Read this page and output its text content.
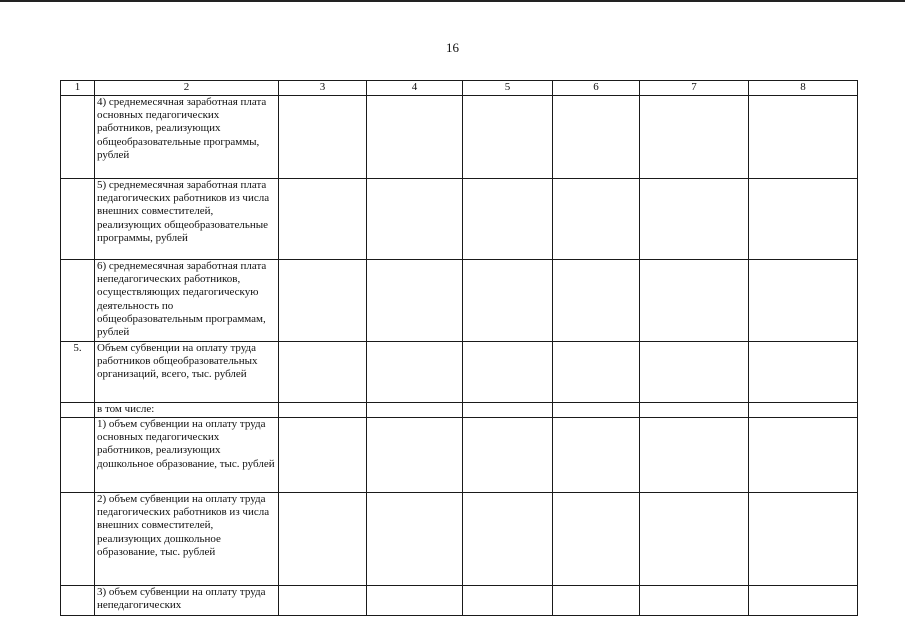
16
1	2	3	4	5	6	7	8
	4) среднемесячная заработная плата основных педагогических работников, реализующих общеобразовательные программы, рублей						
	5) среднемесячная заработная плата педагогических работников из числа внешних совместителей, реализующих общеобразовательные программы, рублей						
	6) среднемесячная заработная плата непедагогических работников, осуществляющих педагогическую деятельность по общеобразовательным программам, рублей						
5.	Объем субвенции на оплату труда работников общеобразовательных организаций, всего, тыс. рублей						
	в том числе:						
	1) объем субвенции на оплату труда основных педагогических работников, реализующих дошкольное образование, тыс. рублей						
	2) объем субвенции на оплату труда педагогических работников из числа внешних совместителей, реализующих дошкольное образование, тыс. рублей						
	3) объем субвенции на оплату труда непедагогических						
